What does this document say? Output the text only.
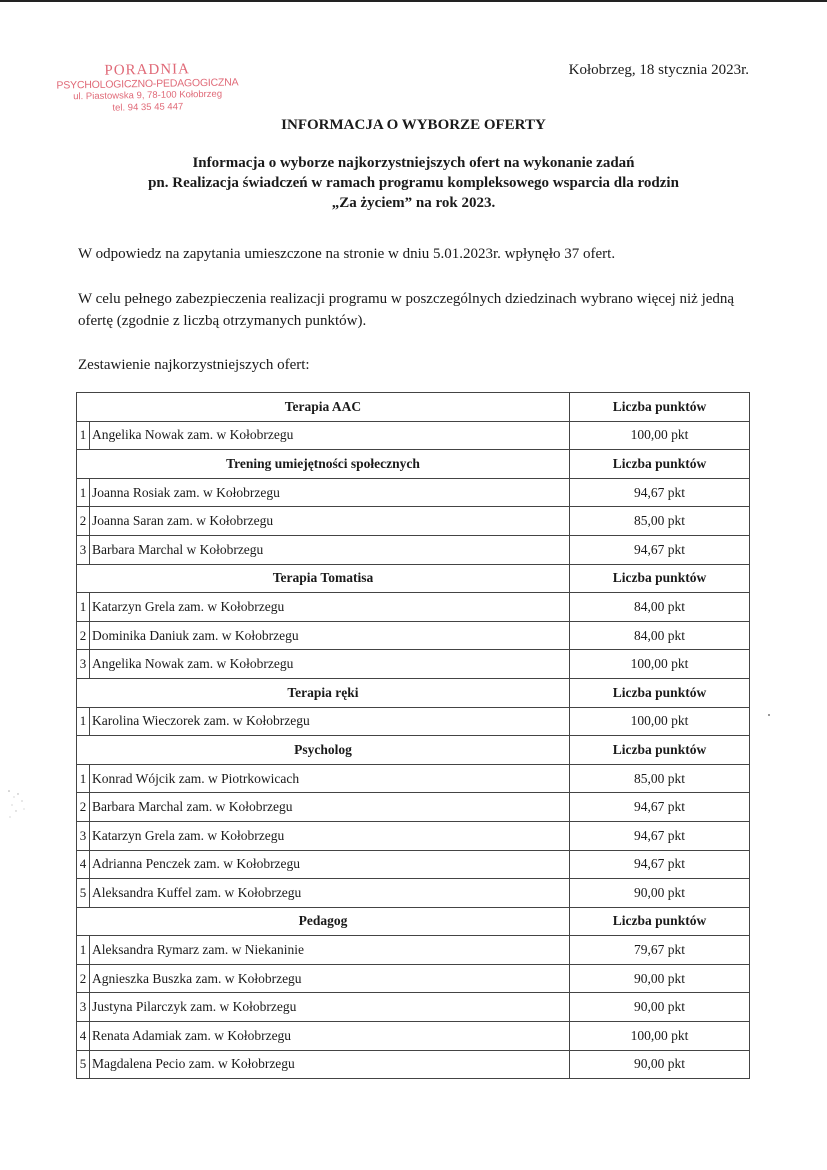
PORADNIA
PSYCHOLOGICZNO-PEDAGOGICZNA
ul. Piastowska 9, 78-100 Kołobrzeg
tel. 94 35 45 447
Kołobrzeg, 18 stycznia 2023r.
INFORMACJA O WYBORZE OFERTY
Informacja o wyborze najkorzystniejszych ofert na wykonanie zadań
pn. Realizacja świadczeń w ramach programu kompleksowego wsparcia dla rodzin
„Za życiem” na rok 2023.
W odpowiedz na zapytania umieszczone na stronie w dniu 5.01.2023r. wpłynęło 37 ofert.
W celu pełnego zabezpieczenia realizacji programu w poszczególnych dziedzinach wybrano więcej niż jedną ofertę (zgodnie z liczbą otrzymanych punktów).
Zestawienie najkorzystniejszych ofert:
Terapia AAC		Liczba punktów
1	Angelika Nowak zam. w Kołobrzegu	100,00 pkt
Trening umiejętności społecznych		Liczba punktów
1	Joanna Rosiak zam. w Kołobrzegu	94,67 pkt
2	Joanna Saran zam. w Kołobrzegu	85,00 pkt
3	Barbara Marchal w Kołobrzegu	94,67 pkt
Terapia Tomatisa		Liczba punktów
1	Katarzyn Grela zam. w Kołobrzegu	84,00 pkt
2	Dominika Daniuk zam. w Kołobrzegu	84,00 pkt
3	Angelika Nowak zam. w Kołobrzegu	100,00 pkt
Terapia ręki		Liczba punktów
1	Karolina Wieczorek zam. w Kołobrzegu	100,00 pkt
Psycholog		Liczba punktów
1	Konrad Wójcik zam. w Piotrkowicach	85,00 pkt
2	Barbara Marchal zam. w Kołobrzegu	94,67 pkt
3	Katarzyn Grela zam. w Kołobrzegu	94,67 pkt
4	Adrianna Penczek zam. w Kołobrzegu	94,67 pkt
5	Aleksandra Kuffel zam. w Kołobrzegu	90,00 pkt
Pedagog		Liczba punktów
1	Aleksandra Rymarz zam. w Niekaninie	79,67 pkt
2	Agnieszka Buszka zam. w Kołobrzegu	90,00 pkt
3	Justyna Pilarczyk zam. w Kołobrzegu	90,00 pkt
4	Renata Adamiak zam. w Kołobrzegu	100,00 pkt
5	Magdalena Pecio zam. w Kołobrzegu	90,00 pkt
